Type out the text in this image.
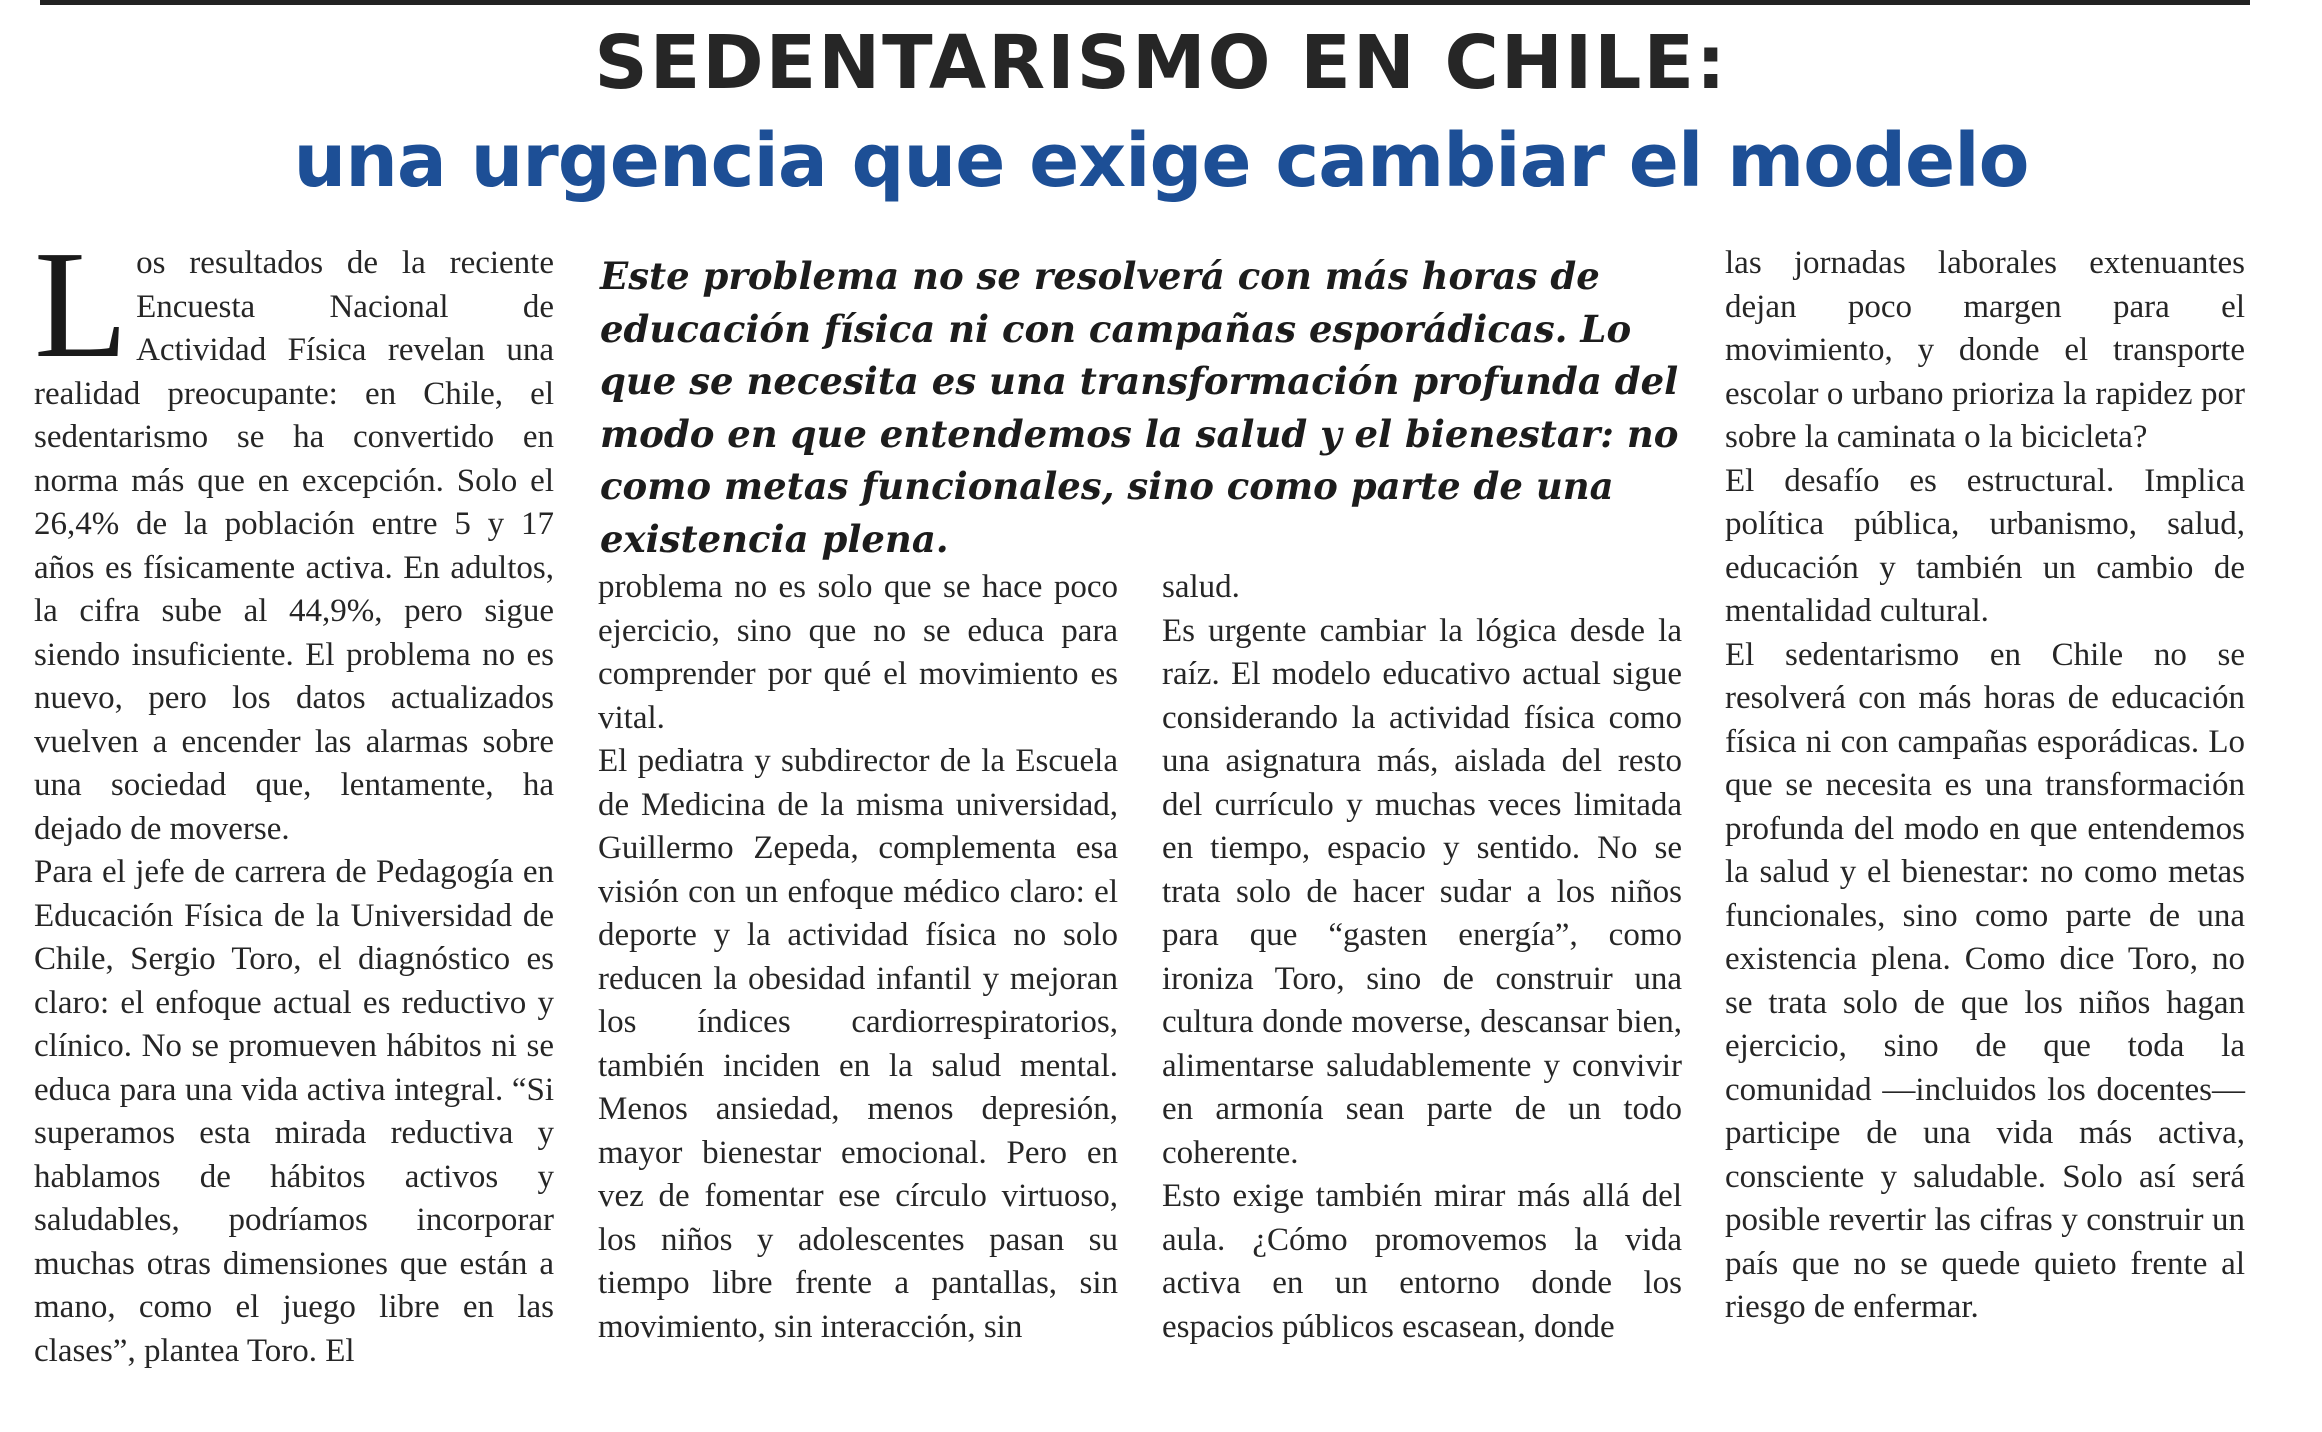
SEDENTARISMO EN CHILE:
una urgencia que exige cambiar el modelo
L os resultados de la reciente Encuesta Nacional de Actividad Física revelan una realidad preocupante: en Chile, el sedentarismo se ha convertido en norma más que en excepción. Solo el 26,4% de la población entre 5 y 17 años es físicamente activa. En adultos, la cifra sube al 44,9%, pero sigue siendo insuficiente. El problema no es nuevo, pero los datos actualizados vuelven a encender las alarmas sobre una sociedad que, lentamente, ha dejado de moverse.

Para el jefe de carrera de Pedagogía en Educación Física de la Universidad de Chile, Sergio Toro, el diagnóstico es claro: el enfoque actual es reductivo y clínico. No se promueven hábitos ni se educa para una vida activa integral. “Si superamos esta mirada reductiva y hablamos de hábitos activos y saludables, podríamos incorporar muchas otras dimensiones que están a mano, como el juego libre en las clases”, plantea Toro. El

Este problema no se resolverá con más horas de educación física ni con campañas esporádicas. Lo que se necesita es una transformación profunda del modo en que entendemos la salud y el bienestar: no como metas funcionales, sino como parte de una existencia plena.

problema no es solo que se hace poco ejercicio, sino que no se educa para comprender por qué el movimiento es vital.

El pediatra y subdirector de la Escuela de Medicina de la misma universidad, Guillermo Zepeda, complementa esa visión con un enfoque médico claro: el deporte y la actividad física no solo reducen la obesidad infantil y mejoran los índices cardiorrespiratorios, también inciden en la salud mental. Menos ansiedad, menos depresión, mayor bienestar emocional. Pero en vez de fomentar ese círculo virtuoso, los niños y adolescentes pasan su tiempo libre frente a pantallas, sin movimiento, sin interacción, sin

salud.

Es urgente cambiar la lógica desde la raíz. El modelo educativo actual sigue considerando la actividad física como una asignatura más, aislada del resto del currículo y muchas veces limitada en tiempo, espacio y sentido. No se trata solo de hacer sudar a los niños para que “gasten energía”, como ironiza Toro, sino de construir una cultura donde moverse, descansar bien, alimentarse saludablemente y convivir en armonía sean parte de un todo coherente.

Esto exige también mirar más allá del aula. ¿Cómo promovemos la vida activa en un entorno donde los espacios públicos escasean, donde

las jornadas laborales extenuantes dejan poco margen para el movimiento, y donde el transporte escolar o urbano prioriza la rapidez por sobre la caminata o la bicicleta?

El desafío es estructural. Implica política pública, urbanismo, salud, educación y también un cambio de mentalidad cultural.

El sedentarismo en Chile no se resolverá con más horas de educación física ni con campañas esporádicas. Lo que se necesita es una transformación profunda del modo en que entendemos la salud y el bienestar: no como metas funcionales, sino como parte de una existencia plena. Como dice Toro, no se trata solo de que los niños hagan ejercicio, sino de que toda la comunidad —incluidos los docentes— participe de una vida más activa, consciente y saludable. Solo así será posible revertir las cifras y construir un país que no se quede quieto frente al riesgo de enfermar.
